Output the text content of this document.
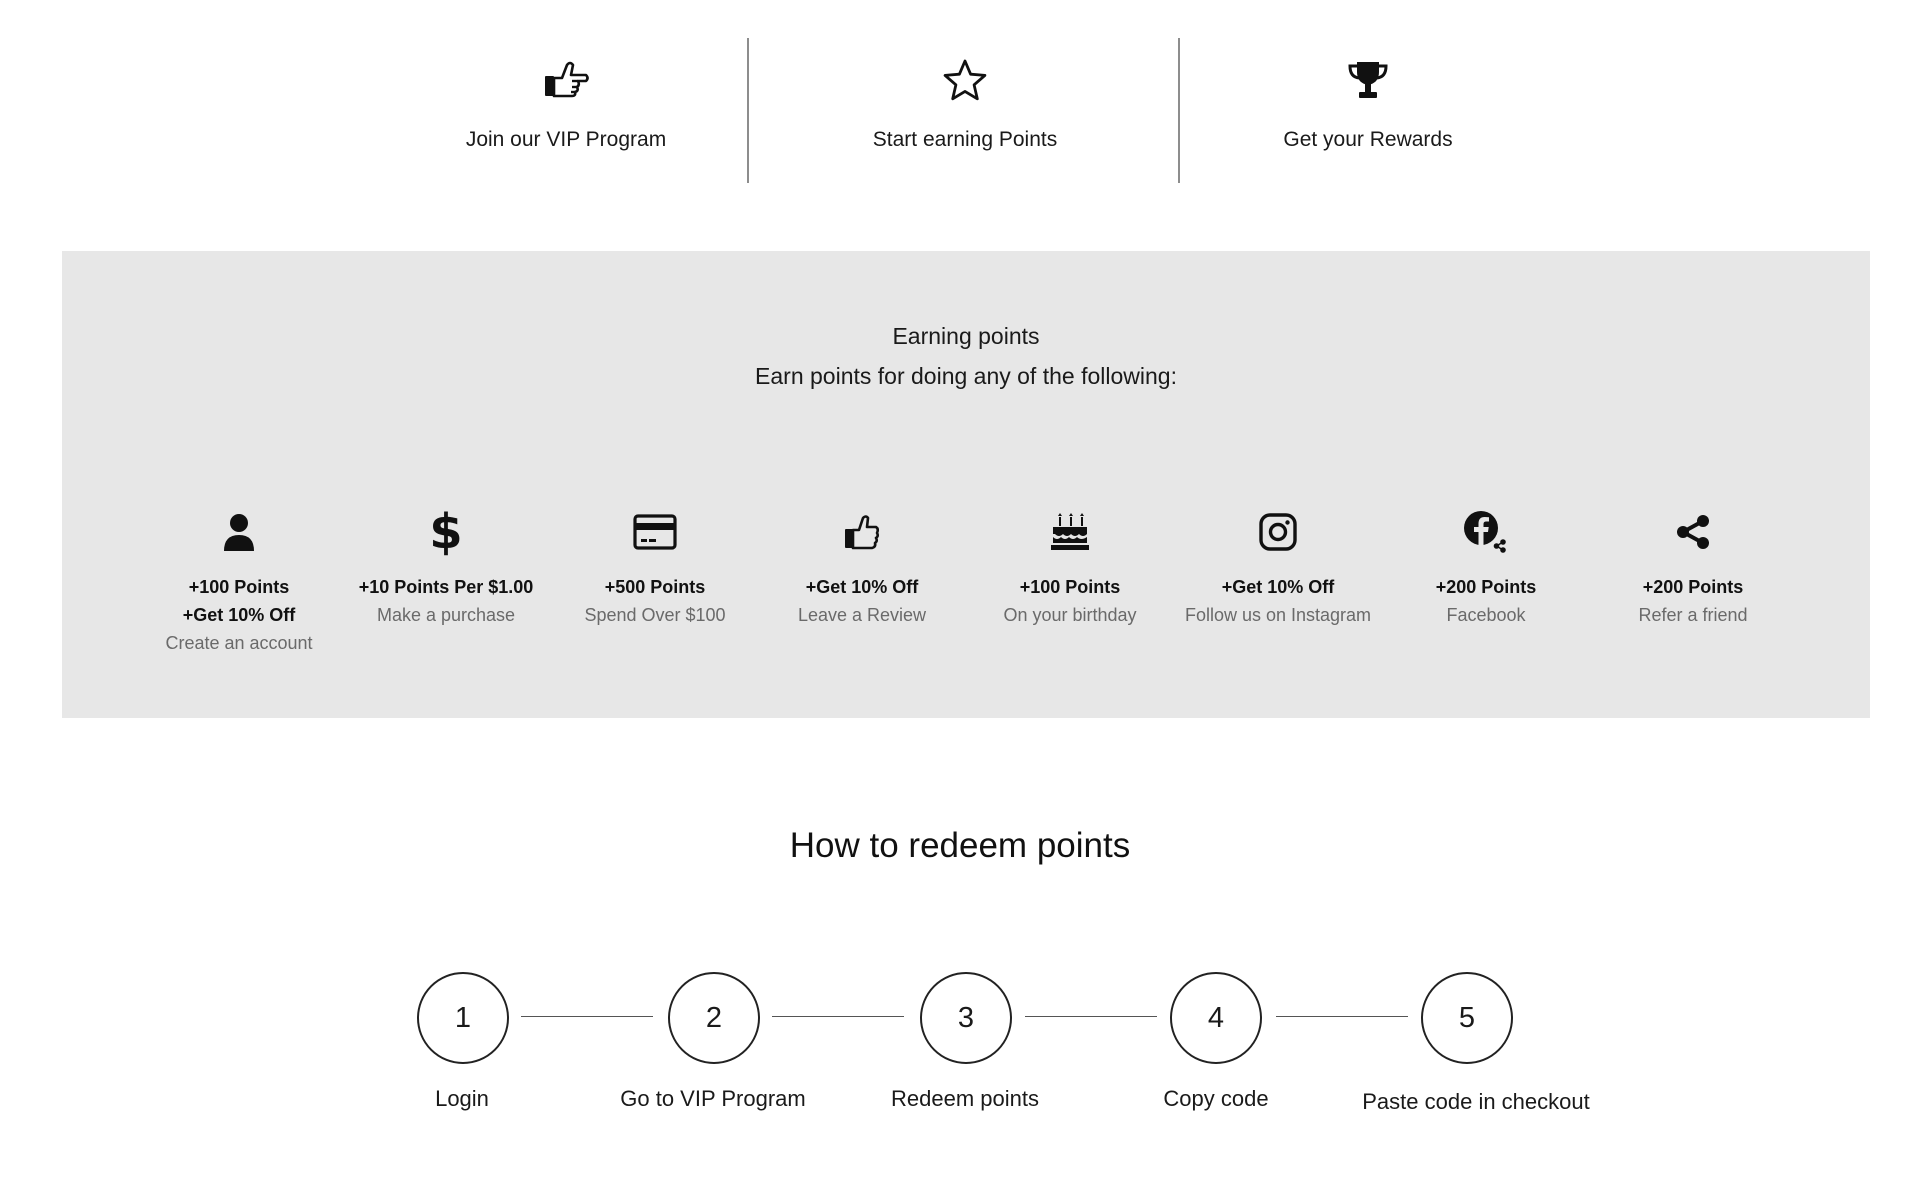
Join our VIP Program	Start earning Points	Get your Rewards
Earning points
Earn points for doing any of the following:
+100 Points
+Get 10% Off
Create an account
$
+10 Points Per $1.00
Make a purchase
+500 Points
Spend Over $100
+Get 10% Off
Leave a Review
+100 Points
On your birthday
+Get 10% Off
Follow us on Instagram
+200 Points
Facebook
+200 Points
Refer a friend
How to redeem points
1	2	3	4	5
Login	Go to VIP Program	Redeem points	Copy code	Paste code in checkout
